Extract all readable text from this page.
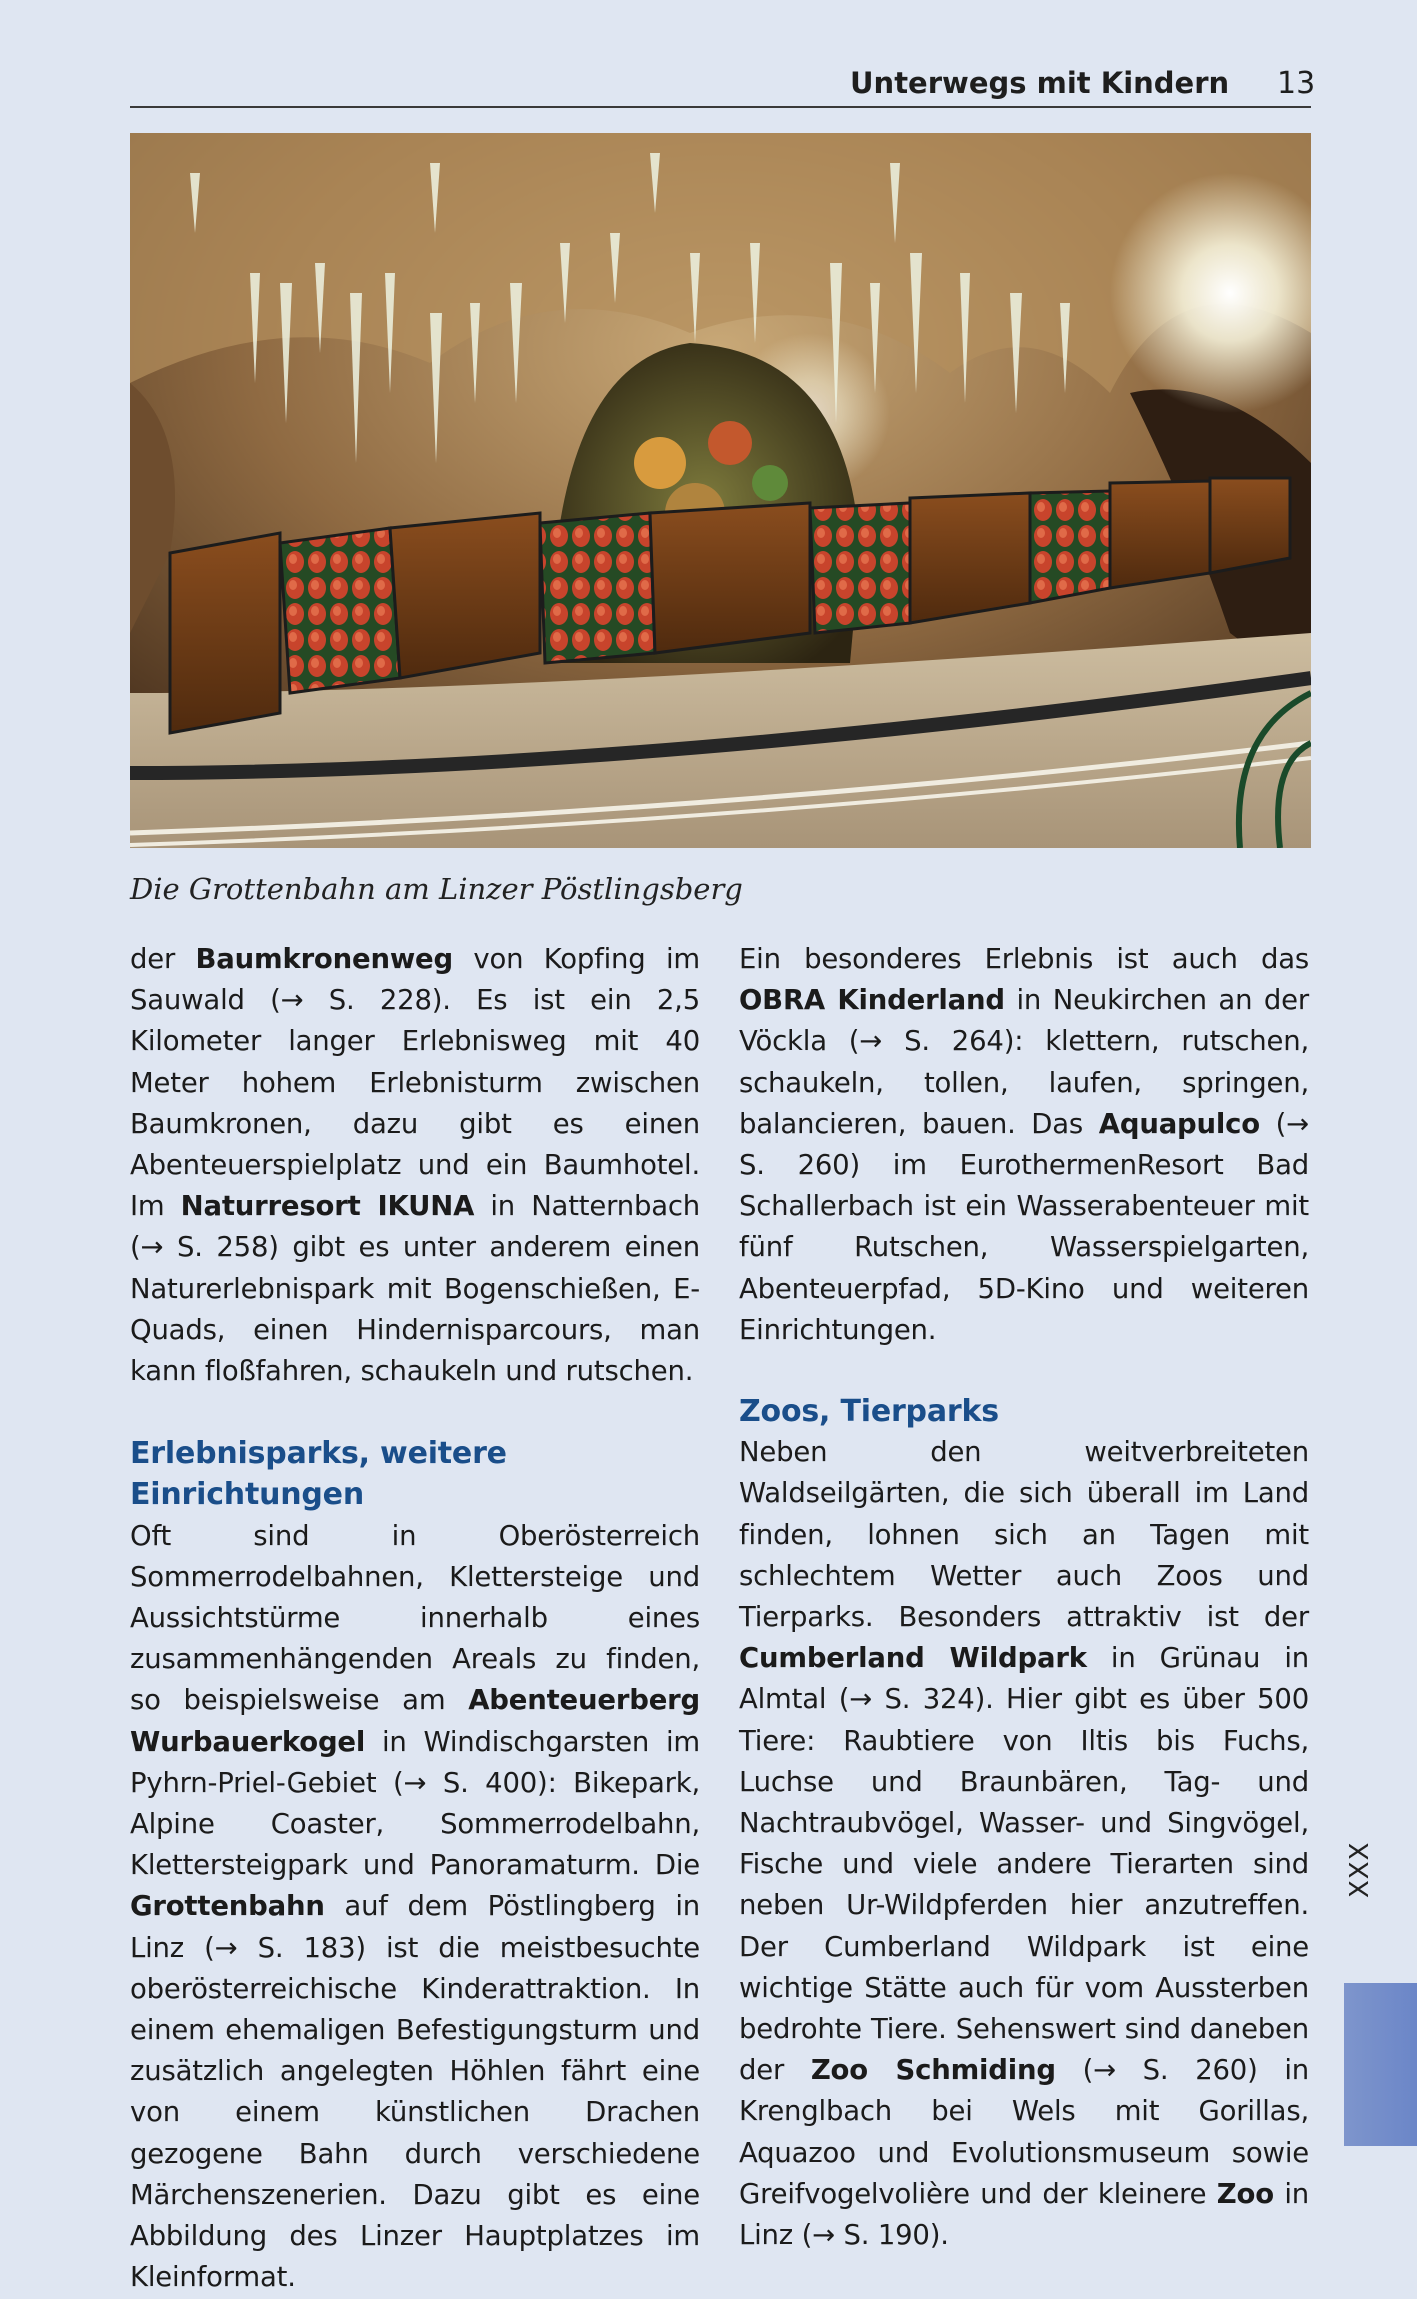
Unterwegs mit Kindern 13
Die Grottenbahn am Linzer Pöstlingsberg

der Baumkronenweg von Kopfing im Sauwald (→ S. 228). Es ist ein 2,5 Kilometer langer Erlebnisweg mit 40 Meter hohem Erlebnisturm zwischen Baumkronen, dazu gibt es einen Abenteuerspielplatz und ein Baumhotel. Im Naturresort IKUNA in Natternbach (→ S. 258) gibt es unter anderem einen Naturerlebnispark mit Bogenschießen, E-Quads, einen Hindernisparcours, man kann floßfahren, schaukeln und rutschen.

Erlebnisparks, weitere Einrichtungen

Oft sind in Oberösterreich Sommerrodelbahnen, Klettersteige und Aussichtstürme innerhalb eines zusammenhängenden Areals zu finden, so beispielsweise am Abenteuerberg Wurbauerkogel in Windischgarsten im Pyhrn-Priel-Gebiet (→ S. 400): Bikepark, Alpine Coaster, Sommerrodelbahn, Klettersteigpark und Panoramaturm. Die Grottenbahn auf dem Pöstlingberg in Linz (→ S. 183) ist die meistbesuchte oberösterreichische Kinderattraktion. In einem ehemaligen Befestigungsturm und zusätzlich angelegten Höhlen fährt eine von einem künstlichen Drachen gezogene Bahn durch verschiedene Märchenszenerien. Dazu gibt es eine Abbildung des Linzer Hauptplatzes im Kleinformat.

Ein besonderes Erlebnis ist auch das OBRA Kinderland in Neukirchen an der Vöckla (→ S. 264): klettern, rutschen, schaukeln, tollen, laufen, springen, balancieren, bauen. Das Aquapulco (→ S. 260) im EurothermenResort Bad Schallerbach ist ein Wasserabenteuer mit fünf Rutschen, Wasserspielgarten, Abenteuerpfad, 5D-Kino und weiteren Einrichtungen.

Zoos, Tierparks

Neben den weitverbreiteten Waldseilgärten, die sich überall im Land finden, lohnen sich an Tagen mit schlechtem Wetter auch Zoos und Tierparks. Besonders attraktiv ist der Cumberland Wildpark in Grünau in Almtal (→ S. 324). Hier gibt es über 500 Tiere: Raubtiere von Iltis bis Fuchs, Luchse und Braunbären, Tag- und Nachtraubvögel, Wasser- und Singvögel, Fische und viele andere Tierarten sind neben Ur-Wildpferden hier anzutreffen. Der Cumberland Wildpark ist eine wichtige Stätte auch für vom Aussterben bedrohte Tiere. Sehenswert sind daneben der Zoo Schmiding (→ S. 260) in Krenglbach bei Wels mit Gorillas, Aquazoo und Evolutionsmuseum sowie Greifvogelvolière und der kleinere Zoo in Linz (→ S. 190).

XXX
